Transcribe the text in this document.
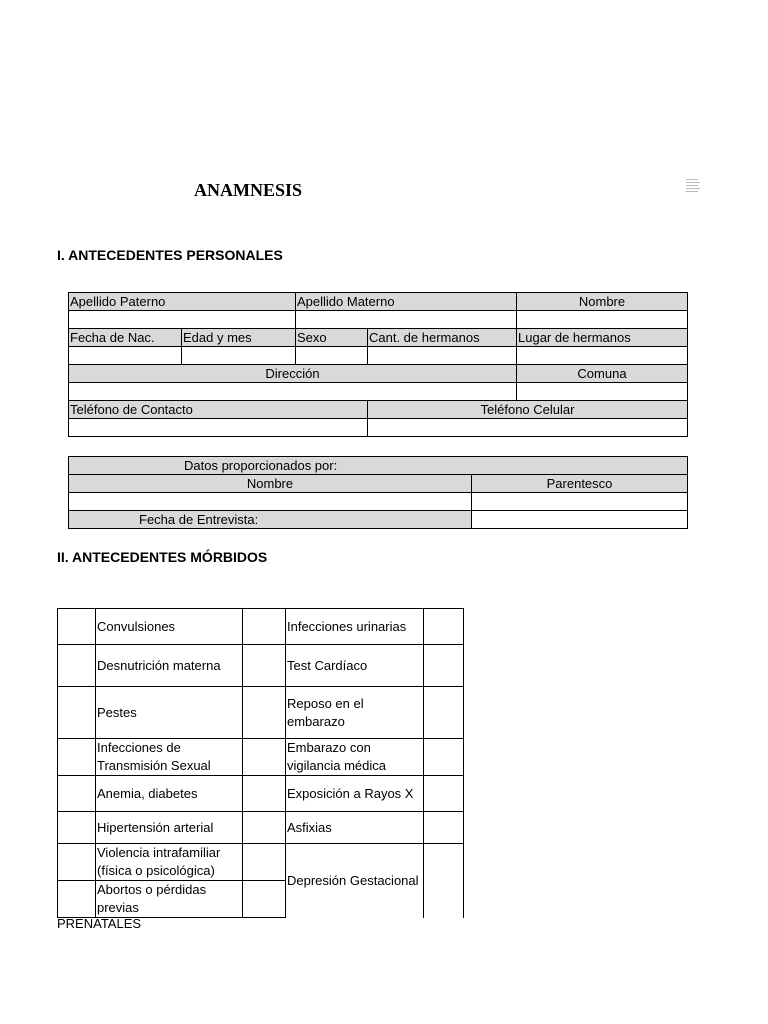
ANAMNESIS
I. ANTECEDENTES PERSONALES
Apellido Paterno		Apellido Materno		Nombre

Fecha de Nac.	Edad y mes	Sexo	Cant. de hermanos	Lugar de hermanos

Dirección				Comuna

Teléfono de Contacto			Teléfono Celular	

Datos proporcionados por:	
Nombre	Parentesco

Fecha de Entrevista:	
II. ANTECEDENTES MÓRBIDOS
	Convulsiones		Infecciones urinarias	
	Desnutrición materna		Test Cardíaco	
	Pestes		Reposo en el embarazo	
	Infecciones de Transmisión Sexual		Embarazo con vigilancia médica	
	Anemia, diabetes		Exposición a Rayos X	
	Hipertensión arterial		Asfixias	
	Violencia intrafamiliar (física o psicológica)		Depresión Gestacional	
	Abortos o pérdidas previas			
PRENATALES
